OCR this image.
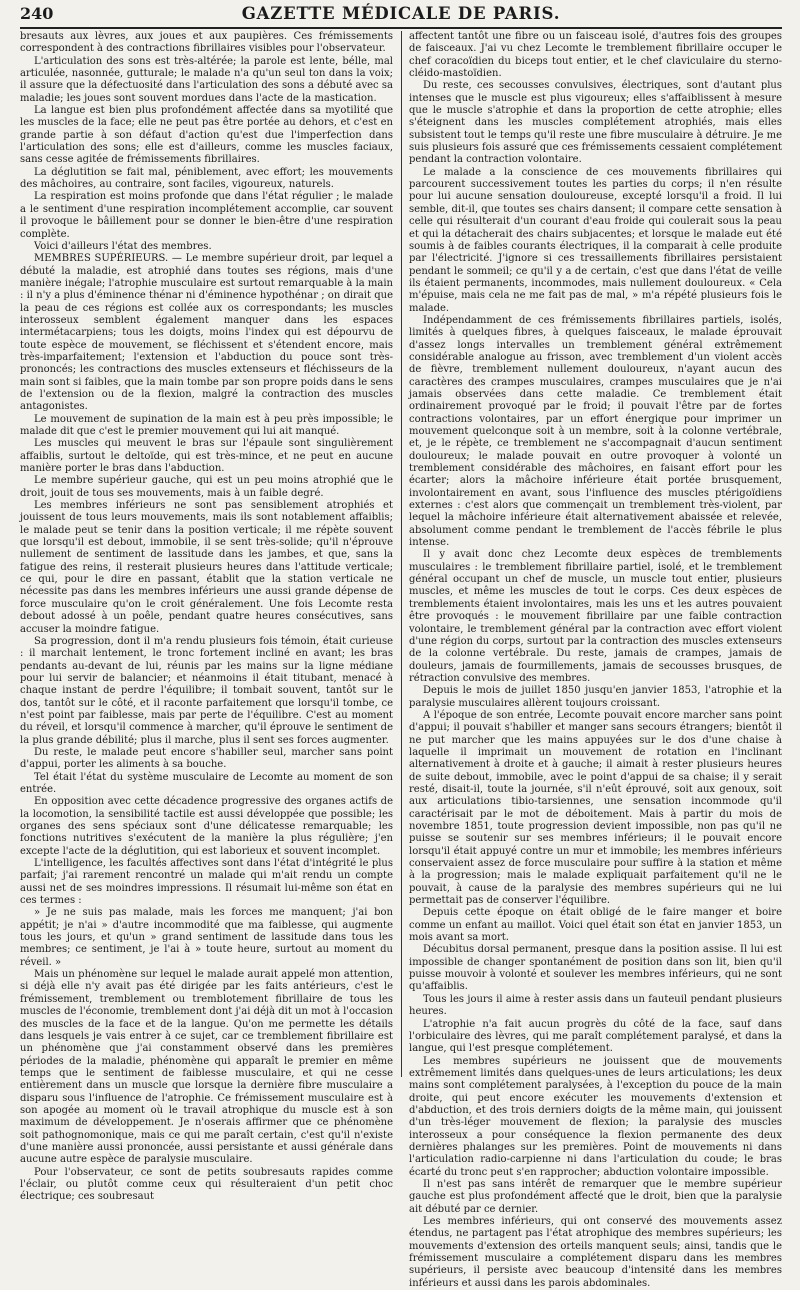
240	GAZETTE MÉDICALE DE PARIS.

bresauts aux lèvres, aux joues et aux paupières. Ces frémissements correspondent à des contractions fibrillaires visibles pour l'observateur.

L'articulation des sons est très-altérée; la parole est lente, bélle, mal articulée, nasonnée, gutturale; le malade n'a qu'un seul ton dans la voix; il assure que la défectuosité dans l'articulation des sons a débuté avec sa maladie; les joues sont souvent mordues dans l'acte de la mastication.

La langue est bien plus profondément affectée dans sa myotilité que les muscles de la face; elle ne peut pas être portée au dehors, et c'est en grande partie à son défaut d'action qu'est due l'imperfection dans l'articulation des sons; elle est d'ailleurs, comme les muscles faciaux, sans cesse agitée de frémissements fibrillaires.

La déglutition se fait mal, péniblement, avec effort; les mouvements des mâchoires, au contraire, sont faciles, vigoureux, naturels.

La respiration est moins profonde que dans l'état régulier ; le malade a le sentiment d'une respiration incomplétement accomplie, car souvent il provoque le bâillement pour se donner le bien-être d'une respiration complète.

Voici d'ailleurs l'état des membres.

MEMBRES SUPÉRIEURS. — Le membre supérieur droit, par lequel a débuté la maladie, est atrophié dans toutes ses régions, mais d'une manière inégale; l'atrophie musculaire est surtout remarquable à la main : il n'y a plus d'éminence thénar ni d'éminence hypothénar ; on dirait que la peau de ces régions est collée aux os correspondants; les muscles interosseux semblent également manquer dans les espaces intermétacarpiens; tous les doigts, moins l'index qui est dépourvu de toute espèce de mouvement, se fléchissent et s'étendent encore, mais très-imparfaitement; l'extension et l'abduction du pouce sont très-prononcés; les contractions des muscles extenseurs et fléchisseurs de la main sont si faibles, que la main tombe par son propre poids dans le sens de l'extension ou de la flexion, malgré la contraction des muscles antagonistes.

Le mouvement de supination de la main est à peu près impossible; le malade dit que c'est le premier mouvement qui lui ait manqué.

Les muscles qui meuvent le bras sur l'épaule sont singulièrement affaiblis, surtout le deltoïde, qui est très-mince, et ne peut en aucune manière porter le bras dans l'abduction.

Le membre supérieur gauche, qui est un peu moins atrophié que le droit, jouit de tous ses mouvements, mais à un faible degré.

Les membres inférieurs ne sont pas sensiblement atrophiés et jouissent de tous leurs mouvements, mais ils sont notablement affaiblis; le malade peut se tenir dans la position verticale; il me répète souvent que lorsqu'il est debout, immobile, il se sent très-solide; qu'il n'éprouve nullement de sentiment de lassitude dans les jambes, et que, sans la fatigue des reins, il resterait plusieurs heures dans l'attitude verticale; ce qui, pour le dire en passant, établit que la station verticale ne nécessite pas dans les membres inférieurs une aussi grande dépense de force musculaire qu'on le croit généralement. Une fois Lecomte resta debout adossé à un poêle, pendant quatre heures consécutives, sans accuser la moindre fatigue.

Sa progression, dont il m'a rendu plusieurs fois témoin, était curieuse : il marchait lentement, le tronc fortement incliné en avant; les bras pendants au-devant de lui, réunis par les mains sur la ligne médiane pour lui servir de balancier; et néanmoins il était titubant, menacé à chaque instant de perdre l'équilibre; il tombait souvent, tantôt sur le dos, tantôt sur le côté, et il raconte parfaitement que lorsqu'il tombe, ce n'est point par faiblesse, mais par perte de l'équilibre. C'est au moment du réveil, et lorsqu'il commence à marcher, qu'il éprouve le sentiment de la plus grande débilité; plus il marche, plus il sent ses forces augmenter.

Du reste, le malade peut encore s'habiller seul, marcher sans point d'appui, porter les aliments à sa bouche.

Tel était l'état du système musculaire de Lecomte au moment de son entrée.

En opposition avec cette décadence progressive des organes actifs de la locomotion, la sensibilité tactile est aussi développée que possible; les organes des sens spéciaux sont d'une délicatesse remarquable; les fonctions nutritives s'exécutent de la manière la plus régulière; j'en excepte l'acte de la déglutition, qui est laborieux et souvent incomplet.

L'intelligence, les facultés affectives sont dans l'état d'intégrité le plus parfait; j'ai rarement rencontré un malade qui m'ait rendu un compte aussi net de ses moindres impressions. Il résumait lui-même son état en ces termes :

» Je ne suis pas malade, mais les forces me manquent; j'ai bon appétit; je n'ai » d'autre incommodité que ma faiblesse, qui augmente tous les jours, et qu'un » grand sentiment de lassitude dans tous les membres; ce sentiment, je l'ai à » toute heure, surtout au moment du réveil. »

Mais un phénomène sur lequel le malade aurait appelé mon attention, si déjà elle n'y avait pas été dirigée par les faits antérieurs, c'est le frémissement, tremblement ou tremblotement fibrillaire de tous les muscles de l'économie, tremblement dont j'ai déjà dit un mot à l'occasion des muscles de la face et de la langue. Qu'on me permette les détails dans lesquels je vais entrer à ce sujet, car ce tremblement fibrillaire est un phénomène que j'ai constamment observé dans les premières périodes de la maladie, phénomène qui apparaît le premier en même temps que le sentiment de faiblesse musculaire, et qui ne cesse entièrement dans un muscle que lorsque la dernière fibre musculaire a disparu sous l'influence de l'atrophie. Ce frémissement musculaire est à son apogée au moment où le travail atrophique du muscle est à son maximum de développement. Je n'oserais affirmer que ce phénomène soit pathognomonique, mais ce qui me paraît certain, c'est qu'il n'existe d'une manière aussi prononcée, aussi persistante et aussi générale dans aucune autre espèce de paralysie musculaire.

Pour l'observateur, ce sont de petits soubresauts rapides comme l'éclair, ou plutôt comme ceux qui résulteraient d'un petit choc électrique; ces soubresaut

affectent tantôt une fibre ou un faisceau isolé, d'autres fois des groupes de faisceaux. J'ai vu chez Lecomte le tremblement fibrillaire occuper le chef coracoïdien du biceps tout entier, et le chef claviculaire du sterno-cléido-mastoïdien.

Du reste, ces secousses convulsives, électriques, sont d'autant plus intenses que le muscle est plus vigoureux; elles s'affaiblissent à mesure que le muscle s'atrophie et dans la proportion de cette atrophie; elles s'éteignent dans les muscles complétement atrophiés, mais elles subsistent tout le temps qu'il reste une fibre musculaire à détruire. Je me suis plusieurs fois assuré que ces frémissements cessaient complétement pendant la contraction volontaire.

Le malade a la conscience de ces mouvements fibrillaires qui parcourent successivement toutes les parties du corps; il n'en résulte pour lui aucune sensation douloureuse, excepté lorsqu'il a froid. Il lui semble, dit-il, que toutes ses chairs dansent; il compare cette sensation à celle qui résulterait d'un courant d'eau froide qui coulerait sous la peau et qui la détacherait des chairs subjacentes; et lorsque le malade eut été soumis à de faibles courants électriques, il la comparait à celle produite par l'électricité. J'ignore si ces tressaillements fibrillaires persistaient pendant le sommeil; ce qu'il y a de certain, c'est que dans l'état de veille ils étaient permanents, incommodes, mais nullement douloureux. « Cela m'épuise, mais cela ne me fait pas de mal, » m'a répété plusieurs fois le malade.

Indépendamment de ces frémissements fibrillaires partiels, isolés, limités à quelques fibres, à quelques faisceaux, le malade éprouvait d'assez longs intervalles un tremblement général extrêmement considérable analogue au frisson, avec tremblement d'un violent accès de fièvre, tremblement nullement douloureux, n'ayant aucun des caractères des crampes musculaires, crampes musculaires que je n'ai jamais observées dans cette maladie. Ce tremblement était ordinairement provoqué par le froid; il pouvait l'être par de fortes contractions volontaires, par un effort énergique pour imprimer un mouvement quelconque soit à un membre, soit à la colonne vertébrale, et, je le répète, ce tremblement ne s'accompagnait d'aucun sentiment douloureux; le malade pouvait en outre provoquer à volonté un tremblement considérable des mâchoires, en faisant effort pour les écarter; alors la mâchoire inférieure était portée brusquement, involontairement en avant, sous l'influence des muscles ptérigoïdiens externes : c'est alors que commençait un tremblement très-violent, par lequel la mâchoire inférieure était alternativement abaissée et relevée, absolument comme pendant le tremblement de l'accès fébrile le plus intense.

Il y avait donc chez Lecomte deux espèces de tremblements musculaires : le tremblement fibrillaire partiel, isolé, et le tremblement général occupant un chef de muscle, un muscle tout entier, plusieurs muscles, et même les muscles de tout le corps. Ces deux espèces de tremblements étaient involontaires, mais les uns et les autres pouvaient être provoqués : le mouvement fibrillaire par une faible contraction volontaire, le tremblement général par la contraction avec effort violent d'une région du corps, surtout par la contraction des muscles extenseurs de la colonne vertébrale. Du reste, jamais de crampes, jamais de douleurs, jamais de fourmillements, jamais de secousses brusques, de rétraction convulsive des membres.

Depuis le mois de juillet 1850 jusqu'en janvier 1853, l'atrophie et la paralysie musculaires allèrent toujours croissant.

A l'époque de son entrée, Lecomte pouvait encore marcher sans point d'appui; il pouvait s'habiller et manger sans secours étrangers; bientôt il ne put marcher que les mains appuyées sur le dos d'une chaise à laquelle il imprimait un mouvement de rotation en l'inclinant alternativement à droite et à gauche; il aimait à rester plusieurs heures de suite debout, immobile, avec le point d'appui de sa chaise; il y serait resté, disait-il, toute la journée, s'il n'eût éprouvé, soit aux genoux, soit aux articulations tibio-tarsiennes, une sensation incommode qu'il caractérisait par le mot de déboitement. Mais à partir du mois de novembre 1851, toute progression devient impossible, non pas qu'il ne puisse se soutenir sur ses membres inférieurs; il le pouvait encore lorsqu'il était appuyé contre un mur et immobile; les membres inférieurs conservaient assez de force musculaire pour suffire à la station et même à la progression; mais le malade expliquait parfaitement qu'il ne le pouvait, à cause de la paralysie des membres supérieurs qui ne lui permettait pas de conserver l'équilibre.

Depuis cette époque on était obligé de le faire manger et boire comme un enfant au maillot. Voici quel était son état en janvier 1853, un mois avant sa mort.

Décubitus dorsal permanent, presque dans la position assise. Il lui est impossible de changer spontanément de position dans son lit, bien qu'il puisse mouvoir à volonté et soulever les membres inférieurs, qui ne sont qu'affaiblis.

Tous les jours il aime à rester assis dans un fauteuil pendant plusieurs heures.

L'atrophie n'a fait aucun progrès du côté de la face, sauf dans l'orbiculaire des lèvres, qui me paraît complétement paralysé, et dans la langue, qui l'est presque complétement.

Les membres supérieurs ne jouissent que de mouvements extrêmement limités dans quelques-unes de leurs articulations; les deux mains sont complétement paralysées, à l'exception du pouce de la main droite, qui peut encore exécuter les mouvements d'extension et d'abduction, et des trois derniers doigts de la même main, qui jouissent d'un très-léger mouvement de flexion; la paralysie des muscles interosseux a pour conséquence la flexion permanente des deux dernières phalanges sur les premières. Point de mouvements ni dans l'articulation radio-carpienne ni dans l'articulation du coude; le bras écarté du tronc peut s'en rapprocher; abduction volontaire impossible.

Il n'est pas sans intérêt de remarquer que le membre supérieur gauche est plus profondément affecté que le droit, bien que la paralysie ait débuté par ce dernier.

Les membres inférieurs, qui ont conservé des mouvements assez étendus, ne partagent pas l'état atrophique des membres supérieurs; les mouvements d'extension des orteils manquent seuls; ainsi, tandis que le frémissement musculaire a complétement disparu dans les membres supérieurs, il persiste avec beaucoup d'intensité dans les membres inférieurs et aussi dans les parois abdominales.
